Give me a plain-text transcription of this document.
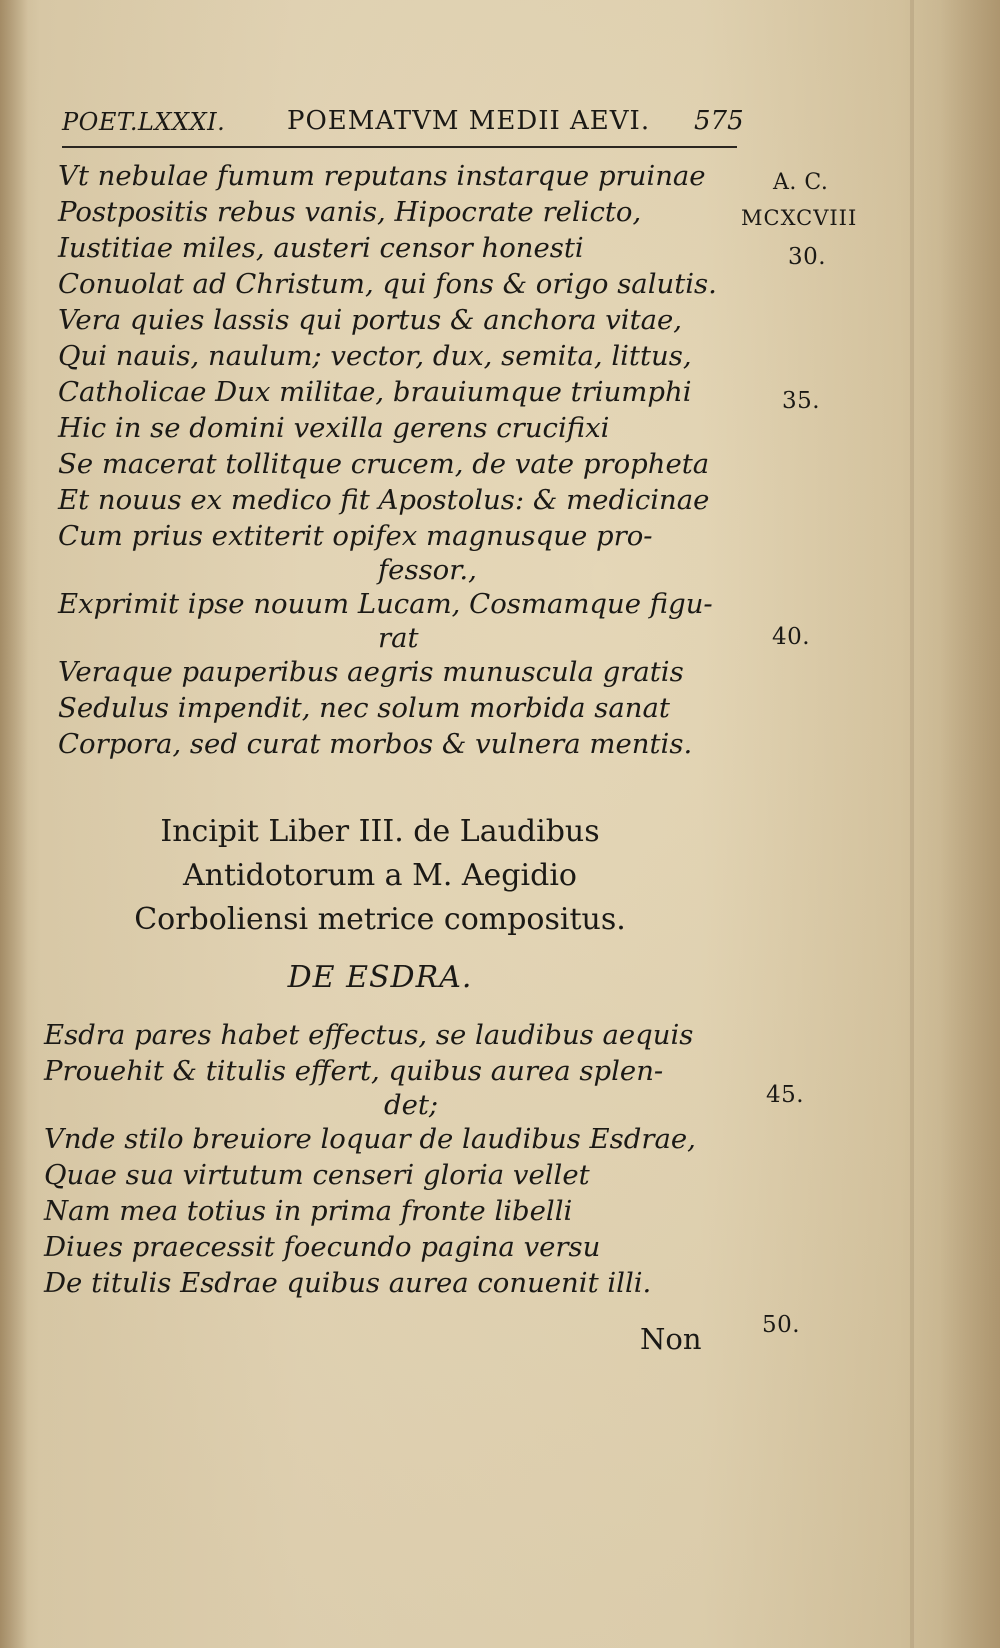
POET.LXXXI. POEMATVM MEDII AEVI. 575
A. C.
MCXCVIII
30.
35.
40.
45.
50.
Vt nebulae fumum reputans instarque pruinae
Postpositis rebus vanis, Hipocrate relicto,
Iustitiae miles, austeri censor honesti
Conuolat ad Christum, qui fons & origo salutis.
Vera quies lassis qui portus & anchora vitae,
Qui nauis, naulum; vector, dux, semita, littus,
Catholicae Dux militae, brauiumque triumphi
Hic in se domini vexilla gerens crucifixi
Se macerat tollitque crucem, de vate propheta
Et nouus ex medico fit Apostolus: & medicinae
Cum prius extiterit opifex magnusque pro-
fessor.,
Exprimit ipse nouum Lucam, Cosmamque figu-
rat
Veraque pauperibus aegris munuscula gratis
Sedulus impendit, nec solum morbida sanat
Corpora, sed curat morbos & vulnera mentis.
Incipit Liber III. de Laudibus
Antidotorum a M. Aegidio
Corboliensi metrice compositus.
DE ESDRA.
Esdra pares habet effectus, se laudibus aequis
Prouehit & titulis effert, quibus aurea splen-
det;
Vnde stilo breuiore loquar de laudibus Esdrae,
Quae sua virtutum censeri gloria vellet
Nam mea totius in prima fronte libelli
Diues praecessit foecundo pagina versu
De titulis Esdrae quibus aurea conuenit illi.
Non
